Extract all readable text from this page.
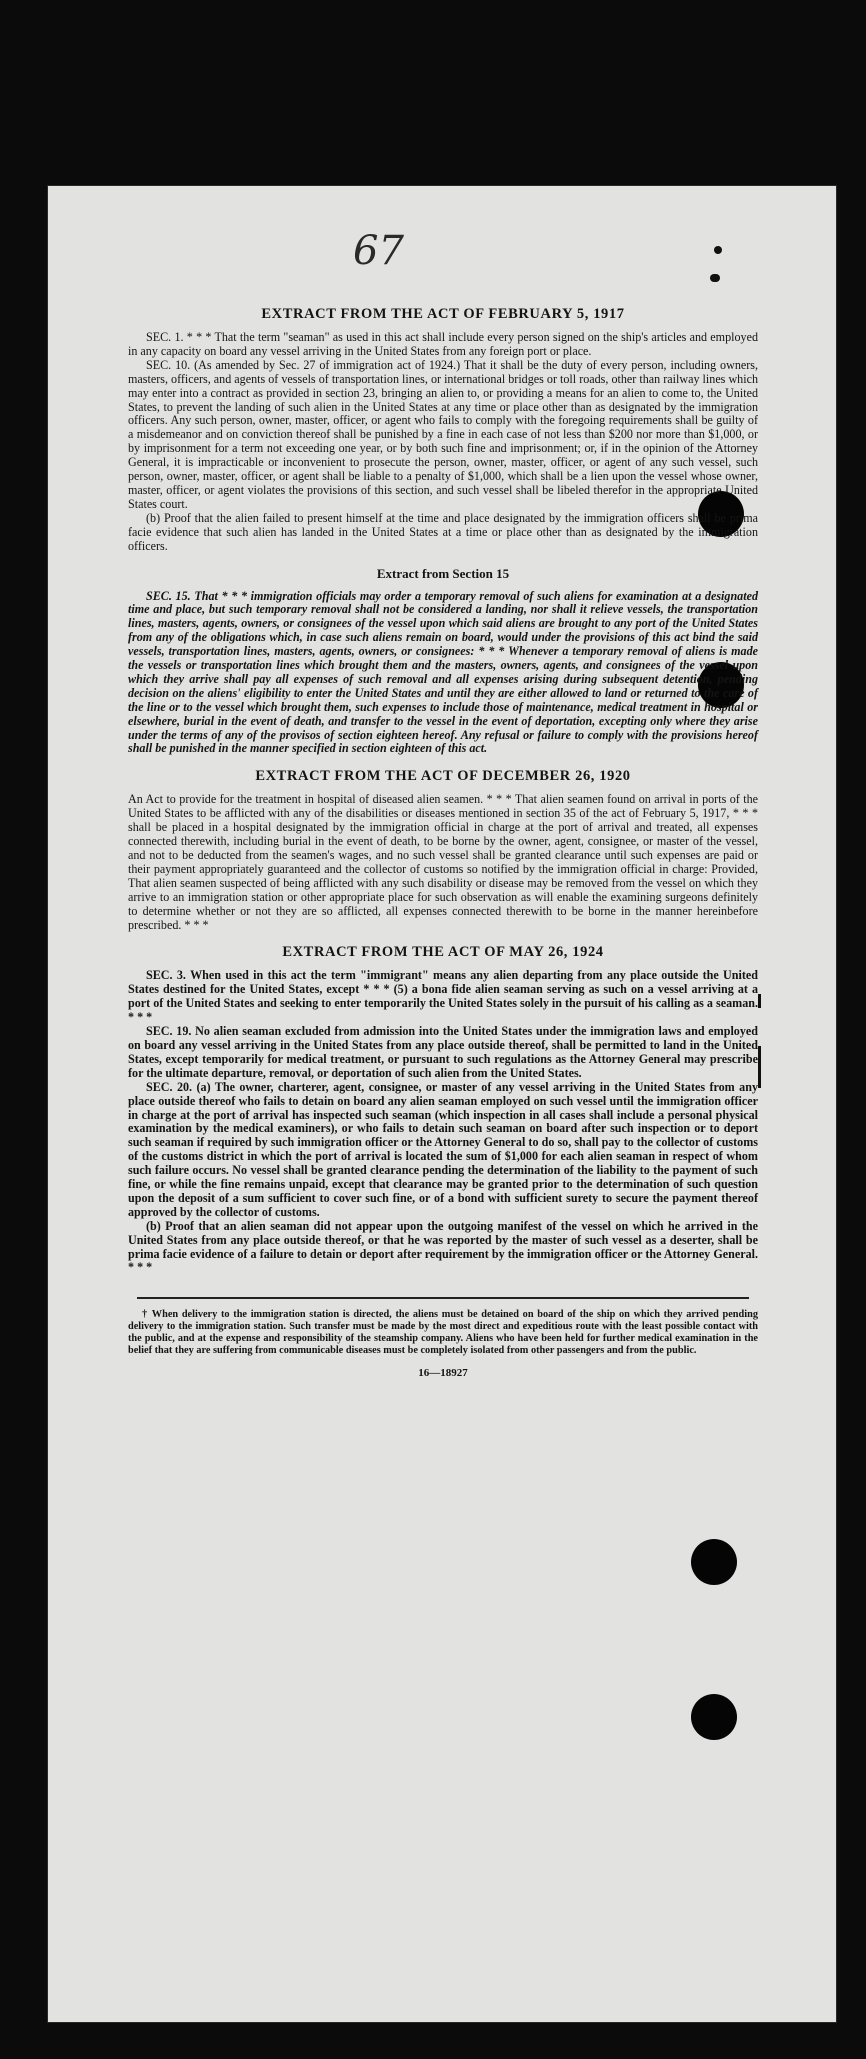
67
EXTRACT FROM THE ACT OF FEBRUARY 5, 1917

SEC. 1. * * * That the term "seaman" as used in this act shall include every person signed on the ship's articles and employed in any capacity on board any vessel arriving in the United States from any foreign port or place.

SEC. 10. (As amended by Sec. 27 of immigration act of 1924.) That it shall be the duty of every person, including owners, masters, officers, and agents of vessels of transportation lines, or international bridges or toll roads, other than railway lines which may enter into a contract as provided in section 23, bringing an alien to, or providing a means for an alien to come to, the United States, to prevent the landing of such alien in the United States at any time or place other than as designated by the immigration officers. Any such person, owner, master, officer, or agent who fails to comply with the foregoing requirements shall be guilty of a misdemeanor and on conviction thereof shall be punished by a fine in each case of not less than $200 nor more than $1,000, or by imprisonment for a term not exceeding one year, or by both such fine and imprisonment; or, if in the opinion of the Attorney General, it is impracticable or inconvenient to prosecute the person, owner, master, officer, or agent of any such vessel, such person, owner, master, officer, or agent shall be liable to a penalty of $1,000, which shall be a lien upon the vessel whose owner, master, officer, or agent violates the provisions of this section, and such vessel shall be libeled therefor in the appropriate United States court.

(b) Proof that the alien failed to present himself at the time and place designated by the immigration officers shall be prima facie evidence that such alien has landed in the United States at a time or place other than as designated by the immigration officers.

Extract from Section 15

SEC. 15. That * * * immigration officials may order a temporary removal of such aliens for examination at a designated time and place, but such temporary removal shall not be considered a landing, nor shall it relieve vessels, the transportation lines, masters, agents, owners, or consignees of the vessel upon which said aliens are brought to any port of the United States from any of the obligations which, in case such aliens remain on board, would under the provisions of this act bind the said vessels, transportation lines, masters, agents, owners, or consignees: * * * Whenever a temporary removal of aliens is made the vessels or transportation lines which brought them and the masters, owners, agents, and consignees of the vessel upon which they arrive shall pay all expenses of such removal and all expenses arising during subsequent detention, pending decision on the aliens' eligibility to enter the United States and until they are either allowed to land or returned to the care of the line or to the vessel which brought them, such expenses to include those of maintenance, medical treatment in hospital or elsewhere, burial in the event of death, and transfer to the vessel in the event of deportation, excepting only where they arise under the terms of any of the provisos of section eighteen hereof. Any refusal or failure to comply with the provisions hereof shall be punished in the manner specified in section eighteen of this act.

EXTRACT FROM THE ACT OF DECEMBER 26, 1920

An Act to provide for the treatment in hospital of diseased alien seamen. * * * That alien seamen found on arrival in ports of the United States to be afflicted with any of the disabilities or diseases mentioned in section 35 of the act of February 5, 1917, * * * shall be placed in a hospital designated by the immigration official in charge at the port of arrival and treated, all expenses connected therewith, including burial in the event of death, to be borne by the owner, agent, consignee, or master of the vessel, and not to be deducted from the seamen's wages, and no such vessel shall be granted clearance until such expenses are paid or their payment appropriately guaranteed and the collector of customs so notified by the immigration official in charge: Provided, That alien seamen suspected of being afflicted with any such disability or disease may be removed from the vessel on which they arrive to an immigration station or other appropriate place for such observation as will enable the examining surgeons definitely to determine whether or not they are so afflicted, all expenses connected therewith to be borne in the manner hereinbefore prescribed. * * *

EXTRACT FROM THE ACT OF MAY 26, 1924

SEC. 3. When used in this act the term "immigrant" means any alien departing from any place outside the United States destined for the United States, except * * * (5) a bona fide alien seaman serving as such on a vessel arriving at a port of the United States and seeking to enter temporarily the United States solely in the pursuit of his calling as a seaman. * * *

SEC. 19. No alien seaman excluded from admission into the United States under the immigration laws and employed on board any vessel arriving in the United States from any place outside thereof, shall be permitted to land in the United States, except temporarily for medical treatment, or pursuant to such regulations as the Attorney General may prescribe for the ultimate departure, removal, or deportation of such alien from the United States.

SEC. 20. (a) The owner, charterer, agent, consignee, or master of any vessel arriving in the United States from any place outside thereof who fails to detain on board any alien seaman employed on such vessel until the immigration officer in charge at the port of arrival has inspected such seaman (which inspection in all cases shall include a personal physical examination by the medical examiners), or who fails to detain such seaman on board after such inspection or to deport such seaman if required by such immigration officer or the Attorney General to do so, shall pay to the collector of customs of the customs district in which the port of arrival is located the sum of $1,000 for each alien seaman in respect of whom such failure occurs. No vessel shall be granted clearance pending the determination of the liability to the payment of such fine, or while the fine remains unpaid, except that clearance may be granted prior to the determination of such question upon the deposit of a sum sufficient to cover such fine, or of a bond with sufficient surety to secure the payment thereof approved by the collector of customs.

(b) Proof that an alien seaman did not appear upon the outgoing manifest of the vessel on which he arrived in the United States from any place outside thereof, or that he was reported by the master of such vessel as a deserter, shall be prima facie evidence of a failure to detain or deport after requirement by the immigration officer or the Attorney General. * * *

† When delivery to the immigration station is directed, the aliens must be detained on board of the ship on which they arrived pending delivery to the immigration station. Such transfer must be made by the most direct and expeditious route with the least possible contact with the public, and at the expense and responsibility of the steamship company. Aliens who have been held for further medical examination in the belief that they are suffering from communicable diseases must be completely isolated from other passengers and from the public.

16—18927
